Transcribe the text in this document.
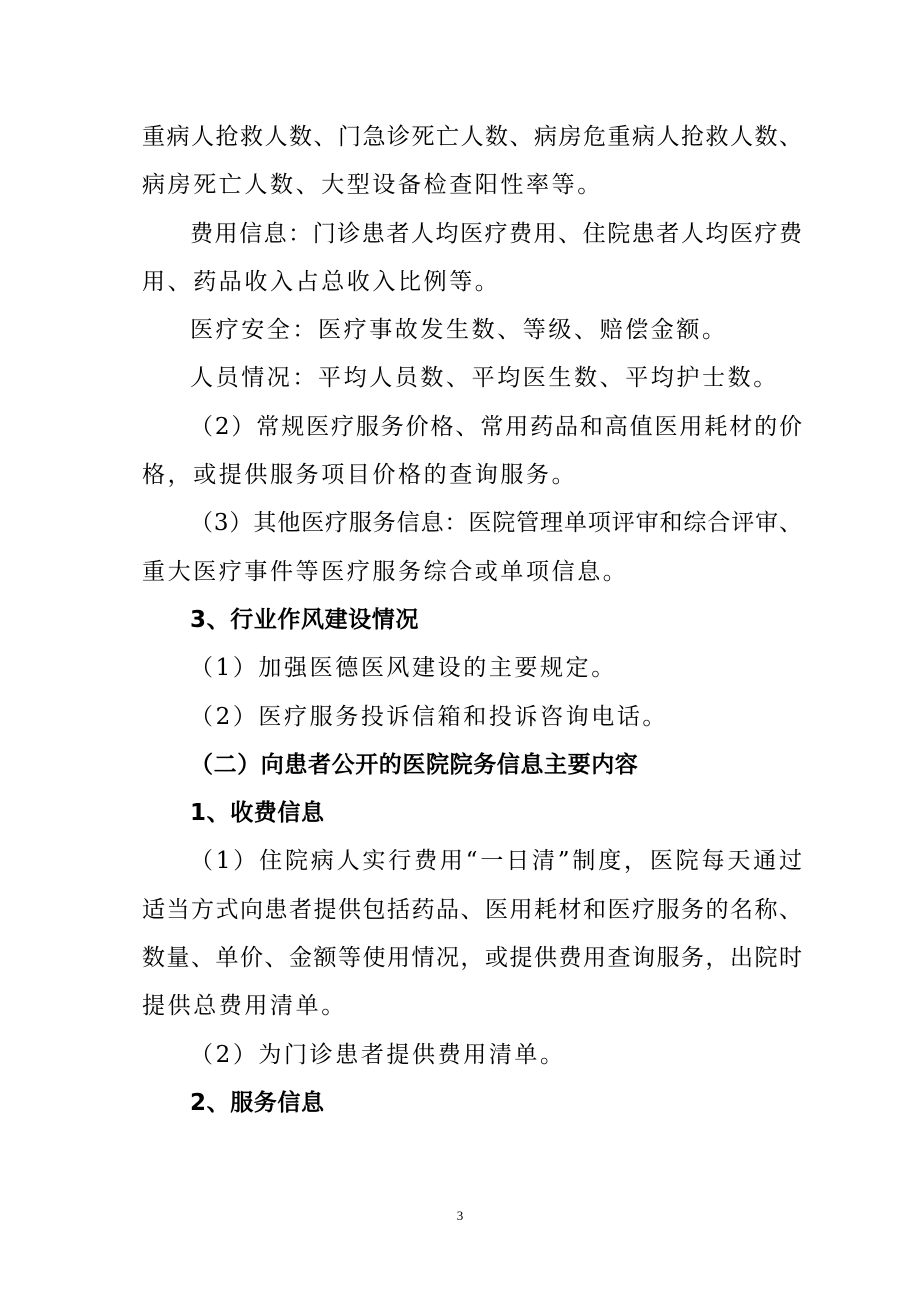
重病人抢救人数、门急诊死亡人数、病房危重病人抢救人数、
病房死亡人数、大型设备检查阳性率等。
费用信息：门诊患者人均医疗费用、住院患者人均医疗费
用、药品收入占总收入比例等。
医疗安全：医疗事故发生数、等级、赔偿金额。
人员情况：平均人员数、平均医生数、平均护士数。
（2）常规医疗服务价格、常用药品和高值医用耗材的价
格，或提供服务项目价格的查询服务。
（3）其他医疗服务信息：医院管理单项评审和综合评审、
重大医疗事件等医疗服务综合或单项信息。
3、行业作风建设情况
（1）加强医德医风建设的主要规定。
（2）医疗服务投诉信箱和投诉咨询电话。
（二）向患者公开的医院院务信息主要内容
1、收费信息
（1）住院病人实行费用“一日清”制度，医院每天通过
适当方式向患者提供包括药品、医用耗材和医疗服务的名称、
数量、单价、金额等使用情况，或提供费用查询服务，出院时
提供总费用清单。
（2）为门诊患者提供费用清单。
2、服务信息
3
